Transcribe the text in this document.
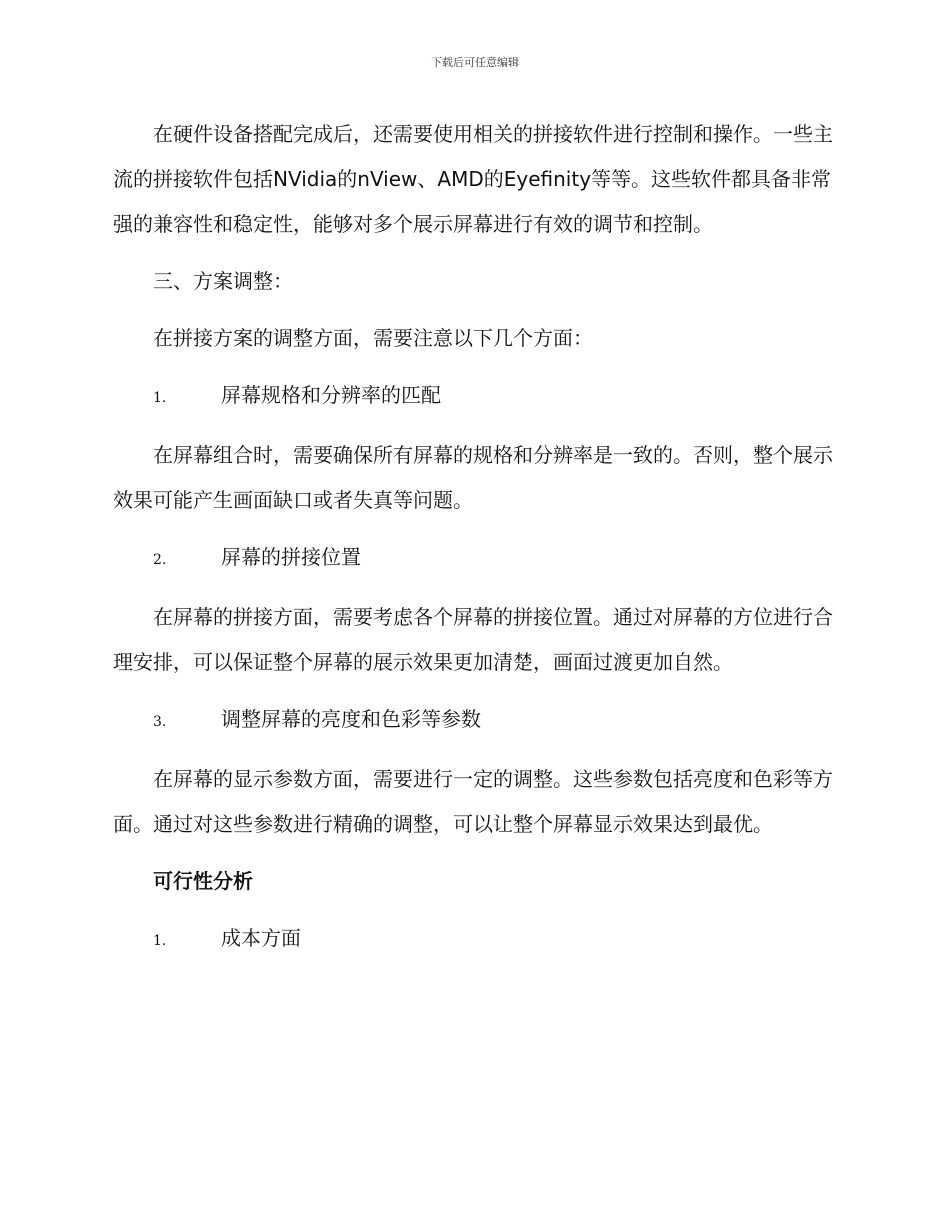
下载后可任意编辑

在硬件设备搭配完成后，还需要使用相关的拼接软件进行控制和操作。一些主流的拼接软件包括NVidia的nView、AMD的Eyefinity等等。这些软件都具备非常强的兼容性和稳定性，能够对多个展示屏幕进行有效的调节和控制。

三、方案调整：

在拼接方案的调整方面，需要注意以下几个方面：

1.	屏幕规格和分辨率的匹配

在屏幕组合时，需要确保所有屏幕的规格和分辨率是一致的。否则，整个展示效果可能产生画面缺口或者失真等问题。

2.	屏幕的拼接位置

在屏幕的拼接方面，需要考虑各个屏幕的拼接位置。通过对屏幕的方位进行合理安排，可以保证整个屏幕的展示效果更加清楚，画面过渡更加自然。

3.	调整屏幕的亮度和色彩等参数

在屏幕的显示参数方面，需要进行一定的调整。这些参数包括亮度和色彩等方面。通过对这些参数进行精确的调整，可以让整个屏幕显示效果达到最优。

可行性分析

1.	成本方面
